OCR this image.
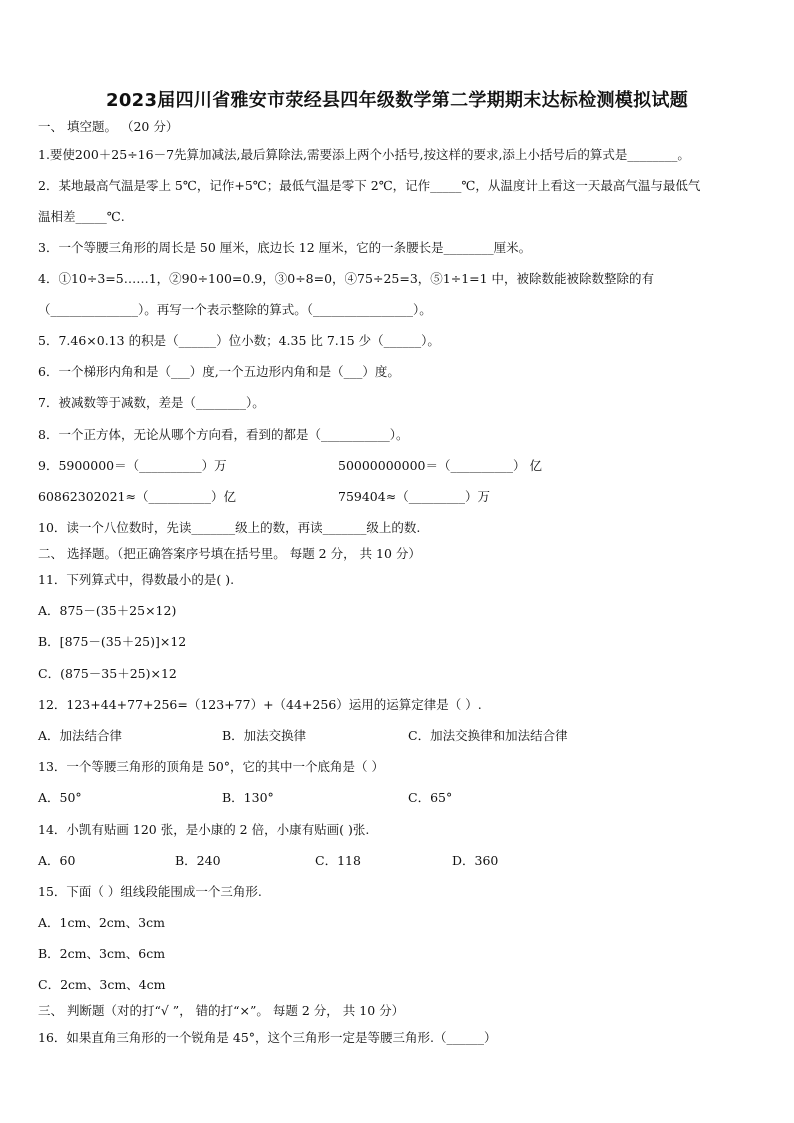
2023届四川省雅安市荥经县四年级数学第二学期期末达标检测模拟试题
一、 填空题。 （20 分）
1.要使200＋25÷16－7先算加减法,最后算除法,需要添上两个小括号,按这样的要求,添上小括号后的算式是________。
2．某地最高气温是零上 5℃，记作+5℃；最低气温是零下 2℃，记作_____℃，从温度计上看这一天最高气温与最低气
温相差_____℃.
3．一个等腰三角形的周长是 50 厘米，底边长 12 厘米，它的一条腰长是________厘米。
4．①10÷3=5……1，②90÷100=0.9，③0÷8=0，④75÷25=3，⑤1÷1=1 中，被除数能被除数整除的有
（______________）。再写一个表示整除的算式。（________________）。
5．7.46×0.13 的积是（______）位小数；4.35 比 7.15 少（______）。
6．一个梯形内角和是（___）度,一个五边形内角和是（___）度。
7．被减数等于减数，差是（________）。
8．一个正方体，无论从哪个方向看，看到的都是（___________）。
9．5900000＝（__________）万	50000000000＝（__________） 亿
6086230202​1≈（__________）亿	759404≈（_________）万
10．读一个八位数时，先读_______级上的数，再读_______级上的数.
二、 选择题。（把正确答案序号填在括号里。 每题 2 分， 共 10 分）
11．下列算式中，得数最小的是( ).
A．875－(35＋25×12)
B．[875－(35＋25)]×12
C．(875－35＋25)×12
12．123+44+77+256=（123+77）+（44+256）运用的运算定律是（ ）.
A．加法结合律	B．加法交换律	C．加法交换律和加法结合律
13．一个等腰三角形的顶角是 50°，它的其中一个底角是（ ）
A．50°	B．130°	C．65°
14．小凯有贴画 120 张，是小康的 2 倍，小康有贴画( )张.
A．60	B．240	C．118	D．360
15．下面（ ）组线段能围成一个三角形.
A．1cm、2cm、3cm
B．2cm、3cm、6cm
C．2cm、3cm、4cm
三、 判断题（对的打“√ ”， 错的打“×”。 每题 2 分， 共 10 分）
16．如果直角三角形的一个锐角是 45°，这个三角形一定是等腰三角形.（______）
